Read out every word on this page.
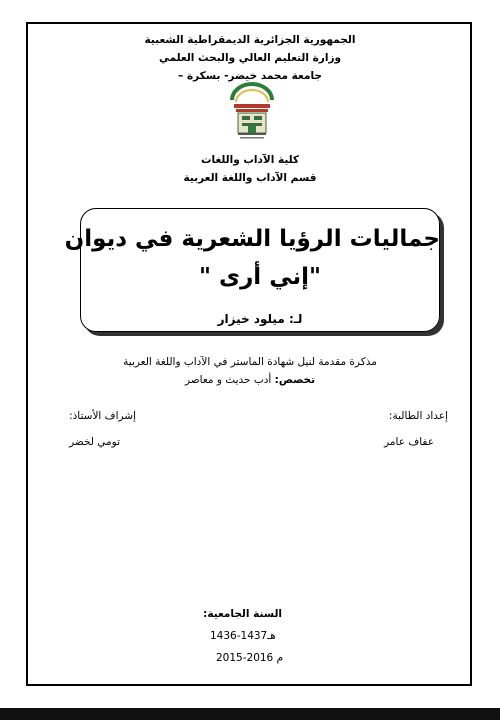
الجمهورية الجزائرية الديمقراطية الشعبية
وزارة التعليم العالي والبحث العلمي
جامعة محمد خيضر- بسكرة –
كلية الآداب واللغات
قسم الآداب واللغة العربية
جماليات الرؤيا الشعرية في ديوان
"إني أرى "
لـ: ميلود خيزار
مذكرة مقدمة لنيل شهادة الماستر في الآداب واللغة العربية
تخصص: أدب حديث و معاصر
إعداد الطالبة:
عفاف عامر
إشراف الأستاذ:
تومي لخضر
السنة الجامعية:
1436-1437هـ
2015-2016 م
